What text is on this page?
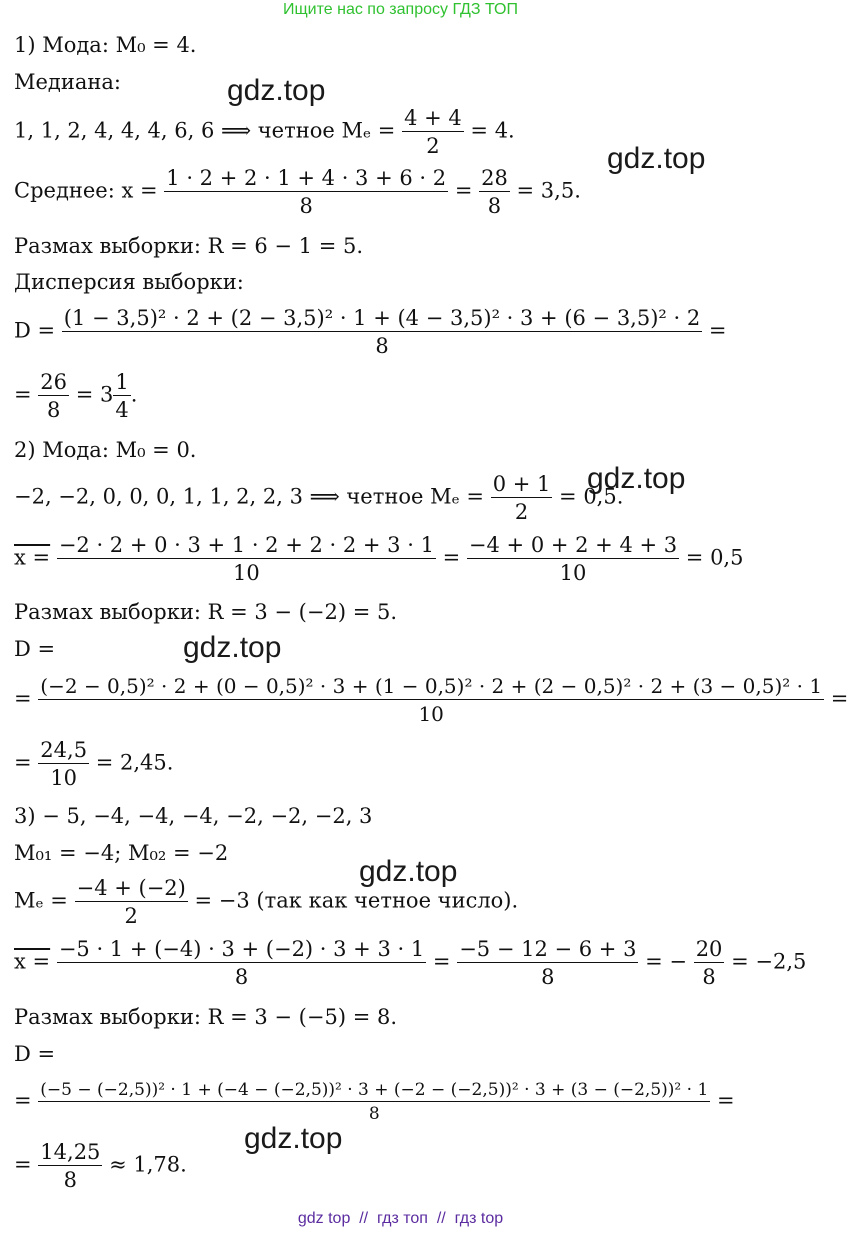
Ищите нас по запросу ГДЗ ТОП
gdz.top
gdz.top
gdz.top
gdz.top
gdz.top
gdz.top
1) Мода: M₀ = 4.
Медиана:
1, 1, 2, 4, 4, 4, 6, 6 ⟹ четное $M_e = \frac{4 + 4}{2} = 4$.
Среднее: $x = \frac{1 \cdot 2 + 2 \cdot 1 + 4 \cdot 3 + 6 \cdot 2}{8} = \frac{28}{8} = 3,5$.
Размах выборки: R = 6 − 1 = 5.
Дисперсия выборки:
D =
(1 − 3,5)² · 2 + (2 − 3,5)² · 1 + (4 − 3,5)² · 3 + (6 − 3,5)² · 2
8
=
= $\frac{26}{8} = 3 \frac{1}{4}$ .
2) Мода: M₀ = 0.
−2, −2, 0, 0, 0, 1, 1, 2, 2, 3 ⟹ четное $M_e = \frac{0 + 1}{2} = 0,5$.
$x = \frac{-2 \cdot 2 + 0 \cdot 3 + 1 \cdot 2 + 2 \cdot 2 + 3 \cdot 1}{10} = \frac{-4 + 0 + 2 + 4 + 3}{10} = 0,5$
Размах выборки: R = 3 − (−2) = 5.
D =
=
(−2 − 0,5)² · 2 + (0 − 0,5)² · 3 + (1 − 0,5)² · 2 + (2 − 0,5)² · 2 + (3 − 0,5)² · 1
10
=
= $\frac{24,5}{10} = 2,45$.
3) − 5, −4, −4, −4, −2, −2, −2, 3
M₀₁ = −4; M₀₂ = −2
$M_e = \frac{-4 + (-2)}{2} = -3$ (так как четное число).
$x = \frac{-5 \cdot 1 + (-4) \cdot 3 + (-2) \cdot 3 + 3 \cdot 1}{8} = \frac{-5 - 12 - 6 + 3}{8}$ = − $\frac{20}{8} = -2,5$
Размах выборки: R = 3 − (−5) = 8.
D =
= (−5 − (−2,5))² · 1 + (−4 − (−2,5))² · 3 + (−2 − (−2,5))² · 3 + (3 − (−2,5))² · 1
8
=
= $\frac{14,25}{8} \approx 1,78$.
gdz top // гдз топ // гдз top
